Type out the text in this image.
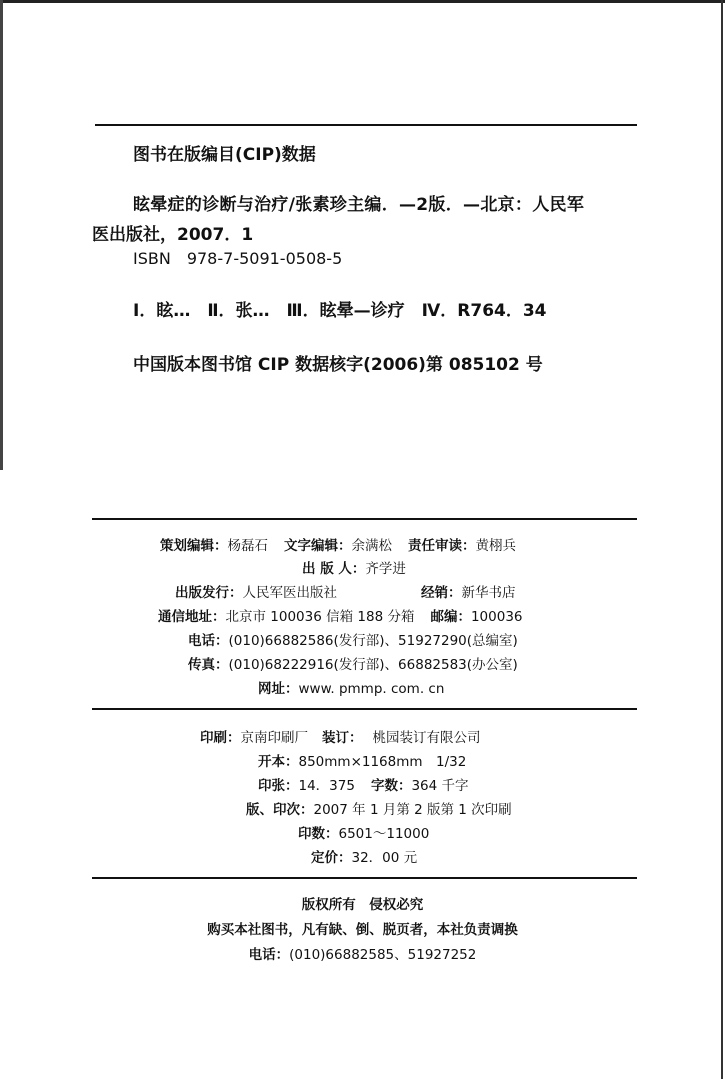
图书在版编目(CIP)数据
眩晕症的诊断与治疗/张素珍主编．—2版．—北京：人民军
医出版社，2007．1
ISBN　978-7-5091-0508-5
Ⅰ．眩…　Ⅱ．张…　Ⅲ．眩晕—诊疗　Ⅳ．R764．34
中国版本图书馆 CIP 数据核字(2006)第 085102 号
策划编辑：杨磊石 文字编辑：余满松 责任审读：黄栩兵
出 版 人：齐学进
出版发行：人民军医出版社	经销：新华书店
通信地址：北京市 100036 信箱 188 分箱 邮编：100036
电话：(010)66882586(发行部)、51927290(总编室)
传真：(010)68222916(发行部)、66882583(办公室)
网址：www. pmmp. com. cn
印刷：京南印刷厂 装订： 桃园装订有限公司
开本：850mm×1168mm　1/32
印张：14．375 字数：364 千字
版、印次：2007 年 1 月第 2 版第 1 次印刷
印数：6501～11000
定价：32．00 元
版权所有　侵权必究
购买本社图书，凡有缺、倒、脱页者，本社负责调换
电话：(010)66882585、51927252
